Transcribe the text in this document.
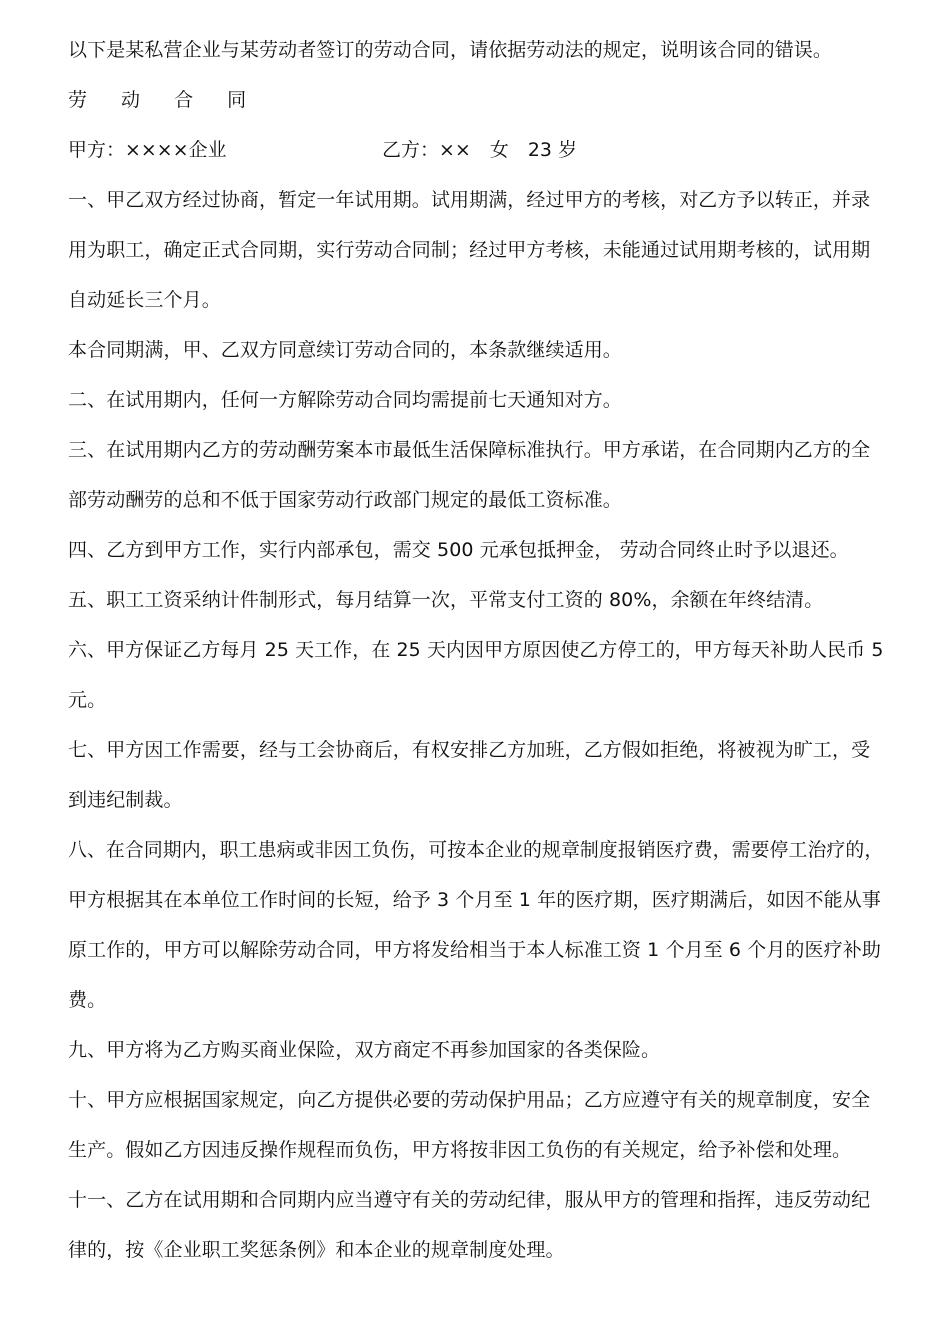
以下是某私营企业与某劳动者签订的劳动合同，请依据劳动法的规定，说明该合同的错误。
劳 动 合 同
甲方：××××企业	乙方：××　女　23 岁
一、甲乙双方经过协商，暂定一年试用期。试用期满，经过甲方的考核，对乙方予以转正，并录
用为职工，确定正式合同期，实行劳动合同制；经过甲方考核，未能通过试用期考核的，试用期
自动延长三个月。
本合同期满，甲、乙双方同意续订劳动合同的，本条款继续适用。
二、在试用期内，任何一方解除劳动合同均需提前七天通知对方。
三、在试用期内乙方的劳动酬劳案本市最低生活保障标准执行。甲方承诺，在合同期内乙方的全
部劳动酬劳的总和不低于国家劳动行政部门规定的最低工资标准。
四、乙方到甲方工作，实行内部承包，需交 500 元承包抵押金， 劳动合同终止时予以退还。
五、职工工资采纳计件制形式，每月结算一次，平常支付工资的 80%，余额在年终结清。
六、甲方保证乙方每月 25 天工作，在 25 天内因甲方原因使乙方停工的，甲方每天补助人民币 5
元。
七、甲方因工作需要，经与工会协商后，有权安排乙方加班，乙方假如拒绝，将被视为旷工，受
到违纪制裁。
八、在合同期内，职工患病或非因工负伤，可按本企业的规章制度报销医疗费，需要停工治疗的，
甲方根据其在本单位工作时间的长短，给予 3 个月至 1 年的医疗期，医疗期满后，如因不能从事
原工作的，甲方可以解除劳动合同，甲方将发给相当于本人标准工资 1 个月至 6 个月的医疗补助
费。
九、甲方将为乙方购买商业保险，双方商定不再参加国家的各类保险。
十、甲方应根据国家规定，向乙方提供必要的劳动保护用品；乙方应遵守有关的规章制度，安全
生产。假如乙方因违反操作规程而负伤，甲方将按非因工负伤的有关规定，给予补偿和处理。
十一、乙方在试用期和合同期内应当遵守有关的劳动纪律，服从甲方的管理和指挥，违反劳动纪
律的，按《企业职工奖惩条例》和本企业的规章制度处理。
